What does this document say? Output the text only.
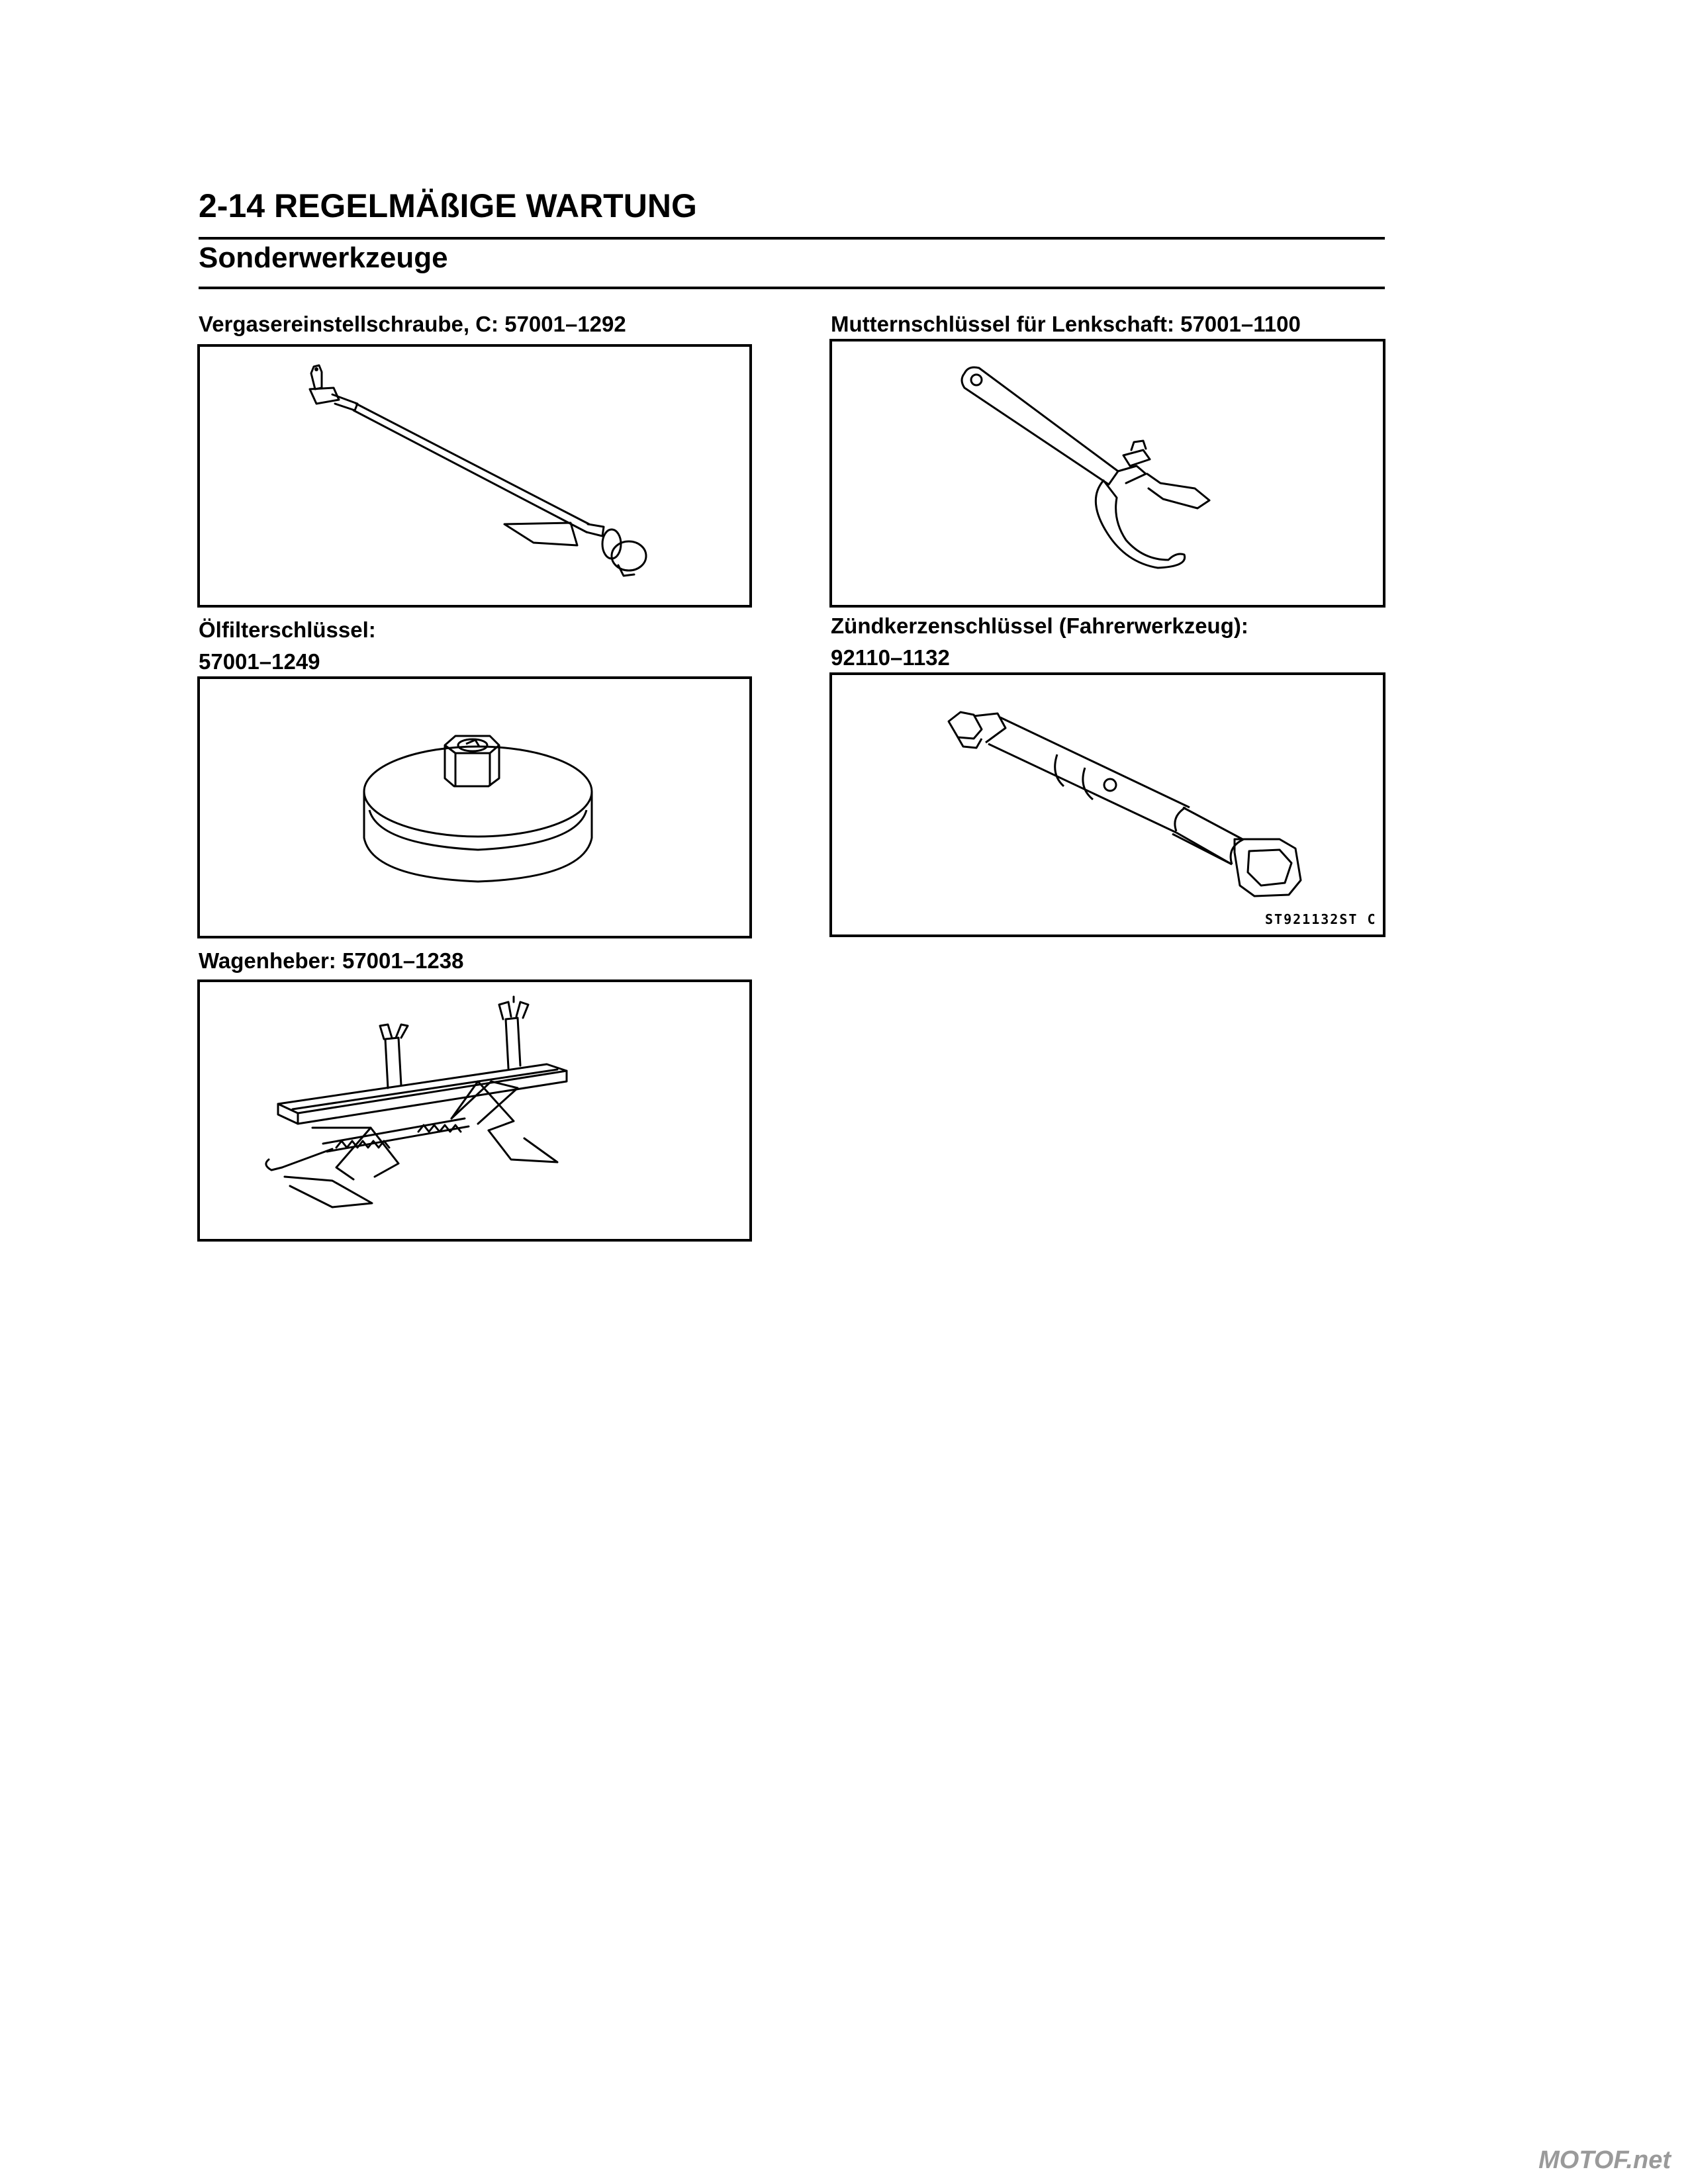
2-14 REGELMÄßIGE WARTUNG
Sonderwerkzeuge
Vergasereinstellschraube, C: 57001–1292	Mutternschlüssel für Lenkschaft: 57001–1100
Ölfilterschlüssel:
57001–1249
Zündkerzenschlüssel (Fahrerwerkzeug):
92110–1132
ST921132ST C
Wagenheber: 57001–1238
MOTOF.net
